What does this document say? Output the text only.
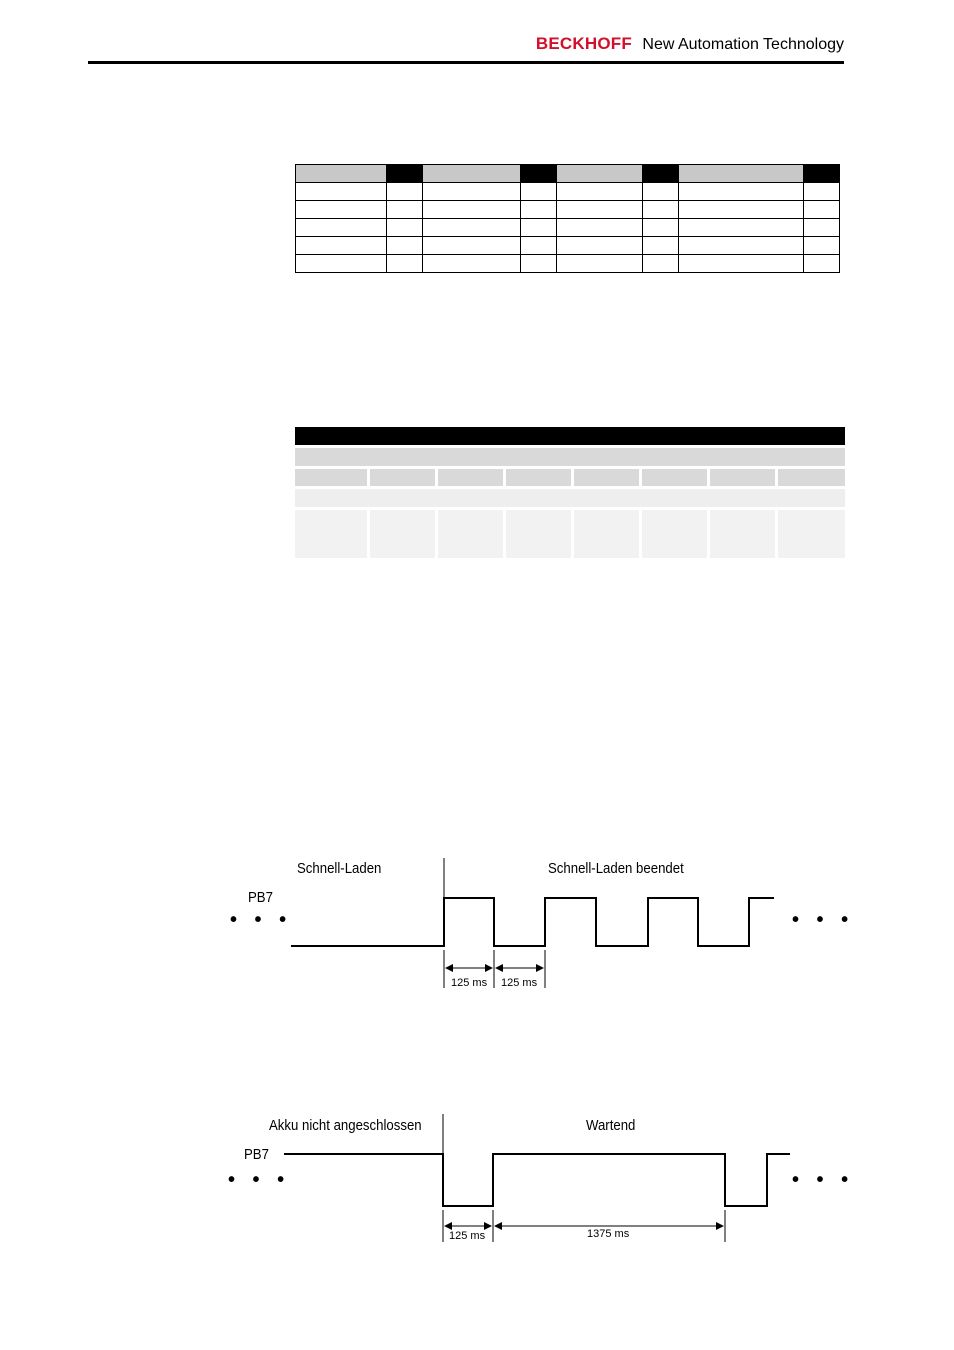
BECKHOFF New Automation Technology

Schnell-Laden	Schnell-Laden beendet
PB7
• • •	• • •
125 ms 125 ms
Akku nicht angeschlossen	Wartend
PB7
• • •	• • •
125 ms	1375 ms
